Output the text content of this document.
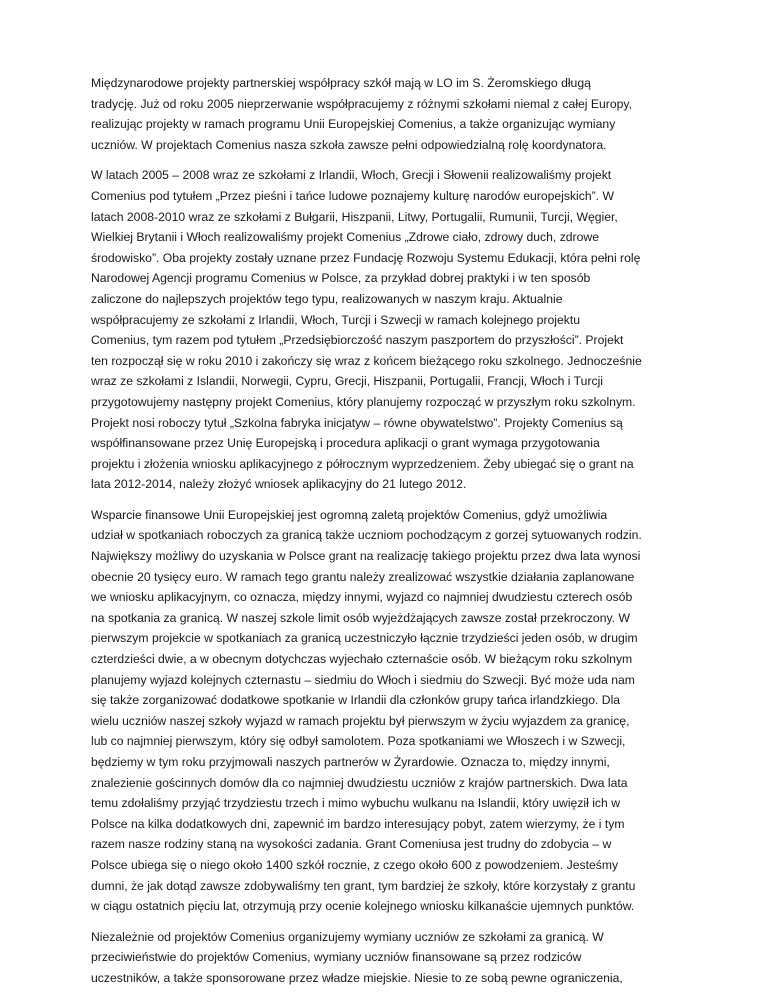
Międzynarodowe projekty partnerskiej współpracy szkół mają w LO im S. Żeromskiego długą
tradycję. Już od roku 2005 nieprzerwanie współpracujemy z różnymi szkołami niemal z całej Europy,
realizując projekty w ramach programu Unii Europejskiej Comenius, a także organizując wymiany
uczniów. W projektach Comenius nasza szkoła zawsze pełni odpowiedzialną rolę koordynatora.

W latach 2005 – 2008 wraz ze szkołami z Irlandii, Włoch, Grecji i Słowenii realizowaliśmy projekt
Comenius pod tytułem „Przez pieśni i tańce ludowe poznajemy kulturę narodów europejskich”. W
latach 2008-2010 wraz ze szkołami z Bułgarii, Hiszpanii, Litwy, Portugalii, Rumunii, Turcji, Węgier,
Wielkiej Brytanii i Włoch realizowaliśmy projekt Comenius „Zdrowe ciało, zdrowy duch, zdrowe
środowisko”. Oba projekty zostały uznane przez Fundację Rozwoju Systemu Edukacji, która pełni rolę
Narodowej Agencji programu Comenius w Polsce, za przykład dobrej praktyki i w ten sposób
zaliczone do najlepszych projektów tego typu, realizowanych w naszym kraju. Aktualnie
współpracujemy ze szkołami z Irlandii, Włoch, Turcji i Szwecji w ramach kolejnego projektu
Comenius, tym razem pod tytułem „Przedsiębiorczość naszym paszportem do przyszłości”. Projekt
ten rozpoczął się w roku 2010 i zakończy się wraz z końcem bieżącego roku szkolnego. Jednocześnie
wraz ze szkołami z Islandii, Norwegii, Cypru, Grecji, Hiszpanii, Portugalii, Francji, Włoch i Turcji
przygotowujemy następny projekt Comenius, który planujemy rozpocząć w przyszłym roku szkolnym.
Projekt nosi roboczy tytuł „Szkolna fabryka inicjatyw – równe obywatelstwo”. Projekty Comenius są
współfinansowane przez Unię Europejską i procedura aplikacji o grant wymaga przygotowania
projektu i złożenia wniosku aplikacyjnego z półrocznym wyprzedzeniem. Żeby ubiegać się o grant na
lata 2012-2014, należy złożyć wniosek aplikacyjny do 21 lutego 2012.

Wsparcie finansowe Unii Europejskiej jest ogromną zaletą projektów Comenius, gdyż umożliwia
udział w spotkaniach roboczych za granicą także uczniom pochodzącym z gorzej sytuowanych rodzin.
Największy możliwy do uzyskania w Polsce grant na realizację takiego projektu przez dwa lata wynosi
obecnie 20 tysięcy euro. W ramach tego grantu należy zrealizować wszystkie działania zaplanowane
we wniosku aplikacyjnym, co oznacza, między innymi, wyjazd co najmniej dwudziestu czterech osób
na spotkania za granicą. W naszej szkole limit osób wyjeżdżających zawsze został przekroczony. W
pierwszym projekcie w spotkaniach za granicą uczestniczyło łącznie trzydzieści jeden osób, w drugim
czterdzieści dwie, a w obecnym dotychczas wyjechało czternaście osób. W bieżącym roku szkolnym
planujemy wyjazd kolejnych czternastu – siedmiu do Włoch i siedmiu do Szwecji. Być może uda nam
się także zorganizować dodatkowe spotkanie w Irlandii dla członków grupy tańca irlandzkiego. Dla
wielu uczniów naszej szkoły wyjazd w ramach projektu był pierwszym w życiu wyjazdem za granicę,
lub co najmniej pierwszym, który się odbył samolotem. Poza spotkaniami we Włoszech i w Szwecji,
będziemy w tym roku przyjmowali naszych partnerów w Żyrardowie. Oznacza to, między innymi,
znalezienie gościnnych domów dla co najmniej dwudziestu uczniów z krajów partnerskich. Dwa lata
temu zdołaliśmy przyjąć trzydziestu trzech i mimo wybuchu wulkanu na Islandii, który uwięził ich w
Polsce na kilka dodatkowych dni, zapewnić im bardzo interesujący pobyt, zatem wierzymy, że i tym
razem nasze rodziny staną na wysokości zadania. Grant Comeniusa jest trudny do zdobycia – w
Polsce ubiega się o niego około 1400 szkół rocznie, z czego około 600 z powodzeniem. Jesteśmy
dumni, że jak dotąd zawsze zdobywaliśmy ten grant, tym bardziej że szkoły, które korzystały z grantu
w ciągu ostatnich pięciu lat, otrzymują przy ocenie kolejnego wniosku kilkanaście ujemnych punktów.

Niezależnie od projektów Comenius organizujemy wymiany uczniów ze szkołami za granicą. W
przeciwieństwie do projektów Comenius, wymiany uczniów finansowane są przez rodziców
uczestników, a także sponsorowane przez władze miejskie. Niesie to ze sobą pewne ograniczenia,
